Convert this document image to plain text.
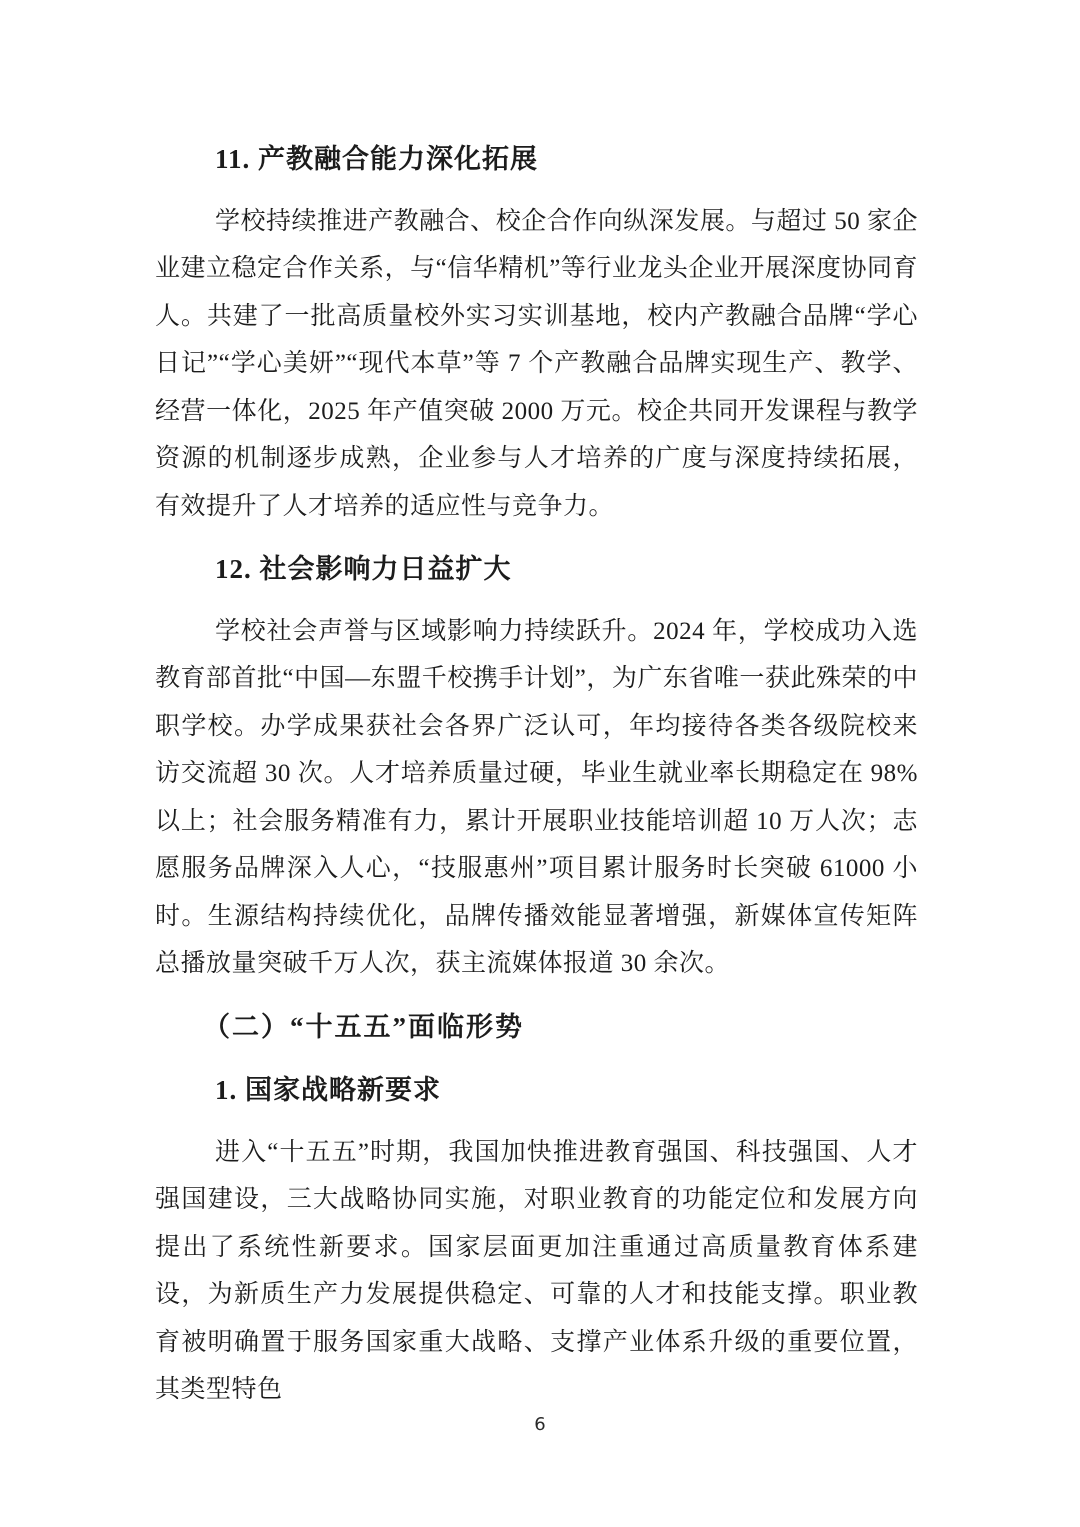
11. 产教融合能力深化拓展

学校持续推进产教融合、校企合作向纵深发展。与超过 50 家企业建立稳定合作关系，与“信华精机”等行业龙头企业开展深度协同育人。共建了一批高质量校外实习实训基地，校内产教融合品牌“学心日记”“学心美妍”“现代本草”等 7 个产教融合品牌实现生产、教学、经营一体化，2025 年产值突破 2000 万元。校企共同开发课程与教学资源的机制逐步成熟，企业参与人才培养的广度与深度持续拓展，有效提升了人才培养的适应性与竞争力。

12. 社会影响力日益扩大

学校社会声誉与区域影响力持续跃升。2024 年，学校成功入选教育部首批“中国—东盟千校携手计划”，为广东省唯一获此殊荣的中职学校。办学成果获社会各界广泛认可，年均接待各类各级院校来访交流超 30 次。人才培养质量过硬，毕业生就业率长期稳定在 98%以上；社会服务精准有力，累计开展职业技能培训超 10 万人次；志愿服务品牌深入人心，“技服惠州”项目累计服务时长突破 61000 小时。生源结构持续优化，品牌传播效能显著增强，新媒体宣传矩阵总播放量突破千万人次，获主流媒体报道 30 余次。

（二）“十五五”面临形势
1. 国家战略新要求

进入“十五五”时期，我国加快推进教育强国、科技强国、人才强国建设，三大战略协同实施，对职业教育的功能定位和发展方向提出了系统性新要求。国家层面更加注重通过高质量教育体系建设，为新质生产力发展提供稳定、可靠的人才和技能支撑。职业教育被明确置于服务国家重大战略、支撑产业体系升级的重要位置，其类型特色

6
